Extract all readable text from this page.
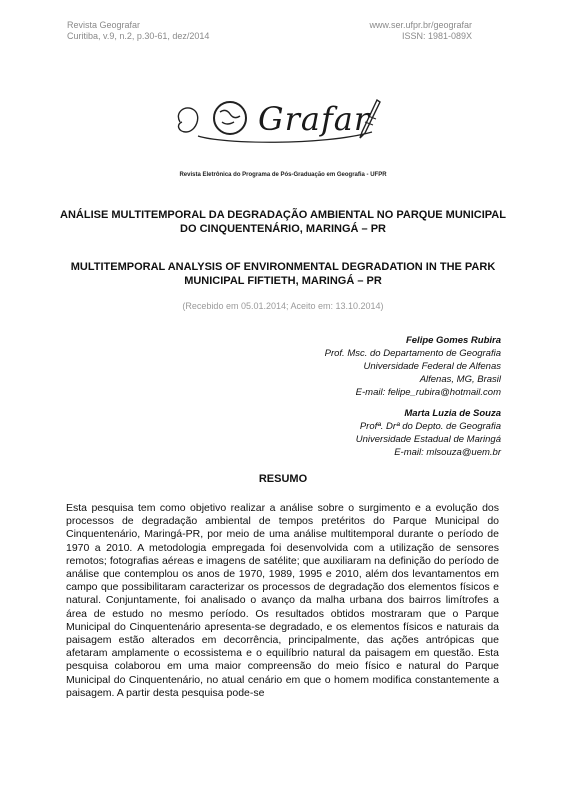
Revista Geografar
Curitiba, v.9, n.2, p.30-61, dez/2014
www.ser.ufpr.br/geografar
ISSN: 1981-089X
Grafar
Revista Eletrônica do Programa de Pós-Graduação em Geografia - UFPR
ANÁLISE MULTITEMPORAL DA DEGRADAÇÃO AMBIENTAL NO PARQUE MUNICIPAL DO CINQUENTENÁRIO, MARINGÁ – PR
MULTITEMPORAL ANALYSIS OF ENVIRONMENTAL DEGRADATION IN THE PARK MUNICIPAL FIFTIETH, MARINGÁ – PR
(Recebido em 05.01.2014; Aceito em: 13.10.2014)
Felipe Gomes Rubira
Prof. Msc. do Departamento de Geografia
Universidade Federal de Alfenas
Alfenas, MG, Brasil
E-mail: felipe_rubira@hotmail.com
Marta Luzia de Souza
Profª. Drª do Depto. de Geografia
Universidade Estadual de Maringá
E-mail: mlsouza@uem.br
RESUMO

Esta pesquisa tem como objetivo realizar a análise sobre o surgimento e a evolução dos processos de degradação ambiental de tempos pretéritos do Parque Municipal do Cinquentenário, Maringá-PR, por meio de uma análise multitemporal durante o período de 1970 a 2010. A metodologia empregada foi desenvolvida com a utilização de sensores remotos; fotografias aéreas e imagens de satélite; que auxiliaram na definição do período de análise que contemplou os anos de 1970, 1989, 1995 e 2010, além dos levantamentos em campo que possibilitaram caracterizar os processos de degradação dos elementos físicos e natural. Conjuntamente, foi analisado o avanço da malha urbana dos bairros limítrofes a área de estudo no mesmo período. Os resultados obtidos mostraram que o Parque Municipal do Cinquentenário apresenta-se degradado, e os elementos físicos e naturais da paisagem estão alterados em decorrência, principalmente, das ações antrópicas que afetaram amplamente o ecossistema e o equilíbrio natural da paisagem em questão. Esta pesquisa colaborou em uma maior compreensão do meio físico e natural do Parque Municipal do Cinquentenário, no atual cenário em que o homem modifica constantemente a paisagem. A partir desta pesquisa pode-se
